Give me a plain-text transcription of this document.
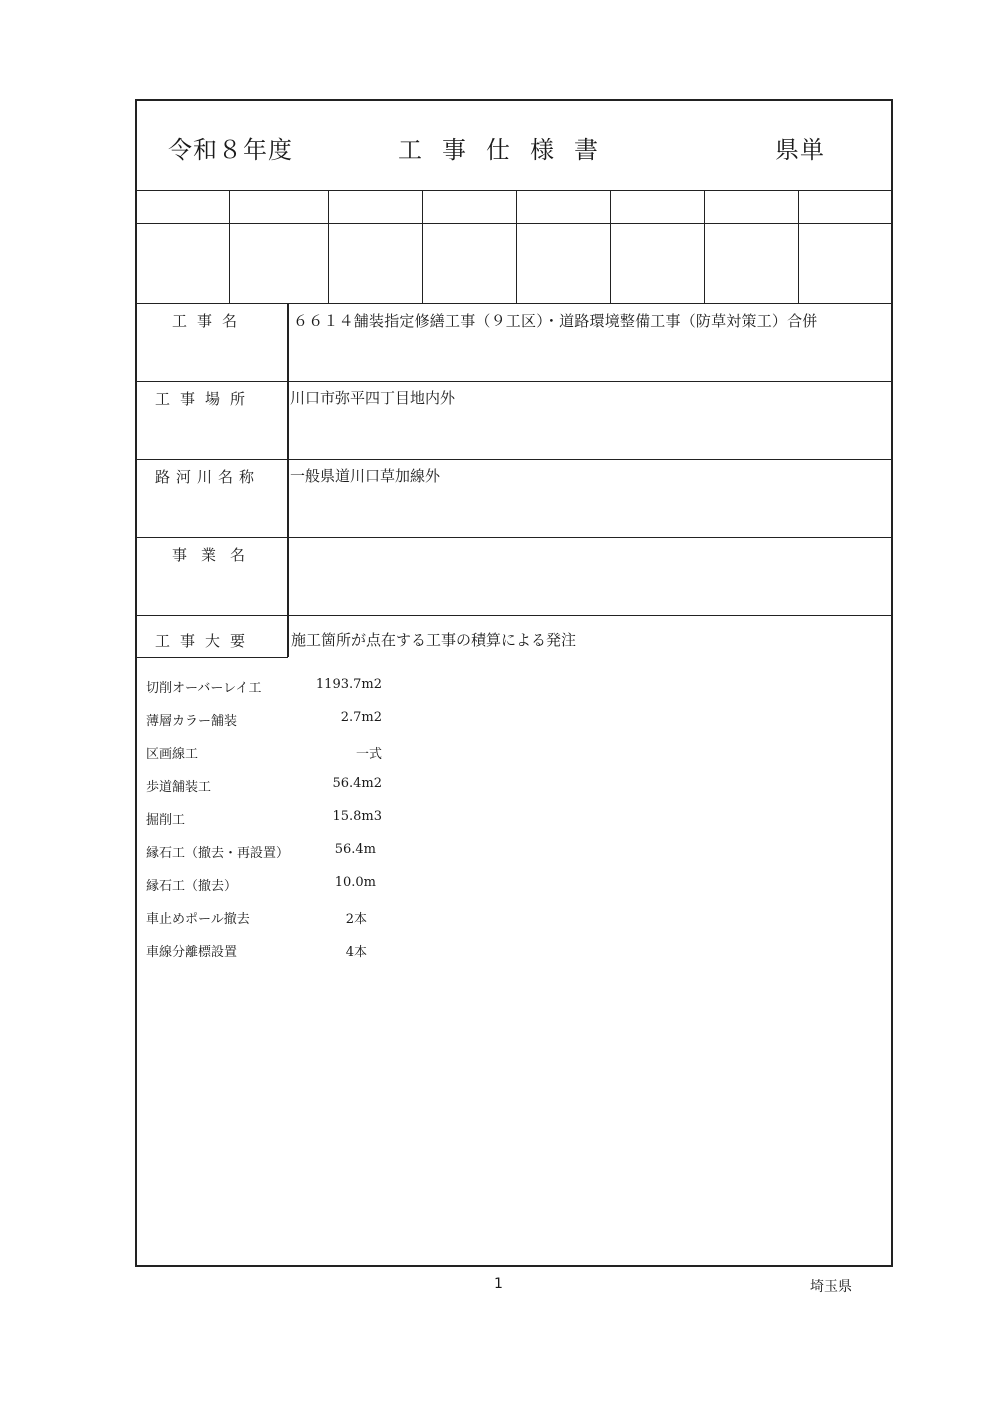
令和８年度	工事仕様書	県単
工事名	６６１４舗装指定修繕工事（９工区）・道路環境整備工事（防草対策工）合併
工事場所 川口市弥平四丁目地内外
路河川名称 一般県道川口草加線外
事業名
工事大要 施工箇所が点在する工事の積算による発注
切削オーバーレイ工	1193.7m2
薄層カラー舗装	2.7m2
区画線工	一式
歩道舗装工	56.4m2
掘削工	15.8m3
縁石工（撤去・再設置）	56.4m
縁石工（撤去）	10.0m
車止めポール撤去	2本
車線分離標設置	4本
1	埼玉県
